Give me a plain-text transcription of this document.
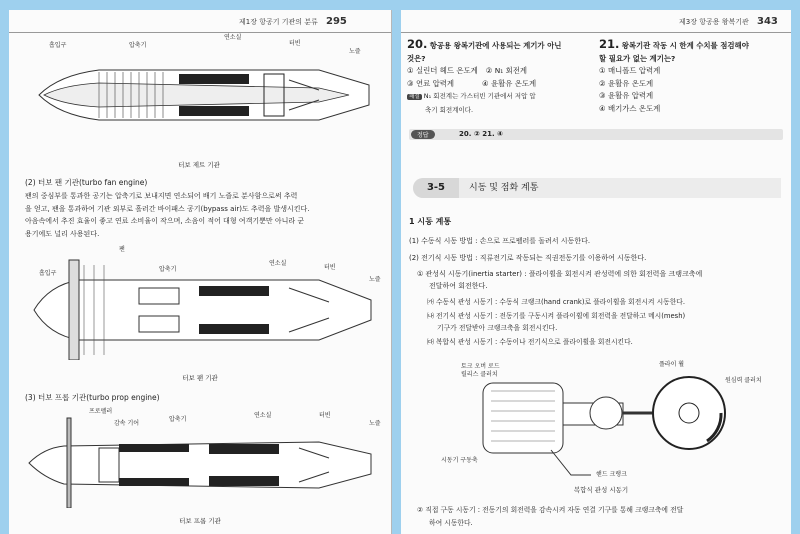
제1장 항공기 기관의 분류 295
흡입구	압축기
연소실
터빈
노즐
터보 제트 기관
(2) 터보 팬 기관(turbo fan engine)
팬의 중심부를 통과한 공기는 압축기로 보내지면 연소되어 배기 노즐로 분사함으로써 추력
을 얻고, 팬을 통과하여 기관 외부로 흘러간 바이패스 공기(bypass air)도 추력을 발생시킨다.
아음속에서 추진 효율이 좋고 연료 소비율이 작으며, 소음이 적어 대형 여객기뿐만 아니라 군
용기에도 널리 사용된다.
팬
흡입구
압축기
연소실
터빈
노즐
터보 팬 기관
(3) 터보 프롭 기관(turbo prop engine)
프로펠러
감속 기어
압축기
연소실	터빈
노즐
터보 프롭 기관
제3장 항공용 왕복기관 343
20. 항공용 왕복기관에 사용되는 계기가 아닌
것은?
① 실린더 헤드 온도계 ② N₁ 회전계
③ 연료 압력계	④ 윤활유 온도계
해설 N₁ 회전계는 가스터빈 기관에서 저압 압
축기 회전계이다.
21. 왕복기관 작동 시 한계 수치를 점검해야
할 필요가 없는 계기는?
① 매니폴드 압력계
② 윤활유 온도계
③ 윤활유 압력계
④ 배기가스 온도계
정답	20. ② 21. ④
3-5	시동 및 점화 계통
1 시동 계통
(1) 수동식 시동 방법 : 손으로 프로펠러를 돌려서 시동한다.
(2) 전기식 시동 방법 : 직류전기로 작동되는 직권전동기를 이용하여 시동한다.
① 관성식 시동기(inertia starter) : 플라이휠을 회전시켜 관성력에 의한 회전력을 크랭크축에
전달하여 회전한다.
㈎ 수동식 관성 시동기 : 수동식 크랭크(hand crank)로 플라이휠을 회전시켜 시동한다.
㈏ 전기식 관성 시동기 : 전동기를 구동시켜 플라이휠에 회전력을 전달하고 메시(mesh)
기구가 전달받아 크랭크축을 회전시킨다.
㈐ 복합식 관성 시동기 : 수동이나 전기식으로 플라이휠을 회전시킨다.
토크 오버 로드
릴리스 클러치
플라이 휠
원심력 클러치
시동기 구동축
핸드 크랭크
복합식 관성 시동기
② 직접 구동 시동기 : 전동기의 회전력을 감속시켜 자동 연결 기구를 통해 크랭크축에 전달
하여 시동한다.
